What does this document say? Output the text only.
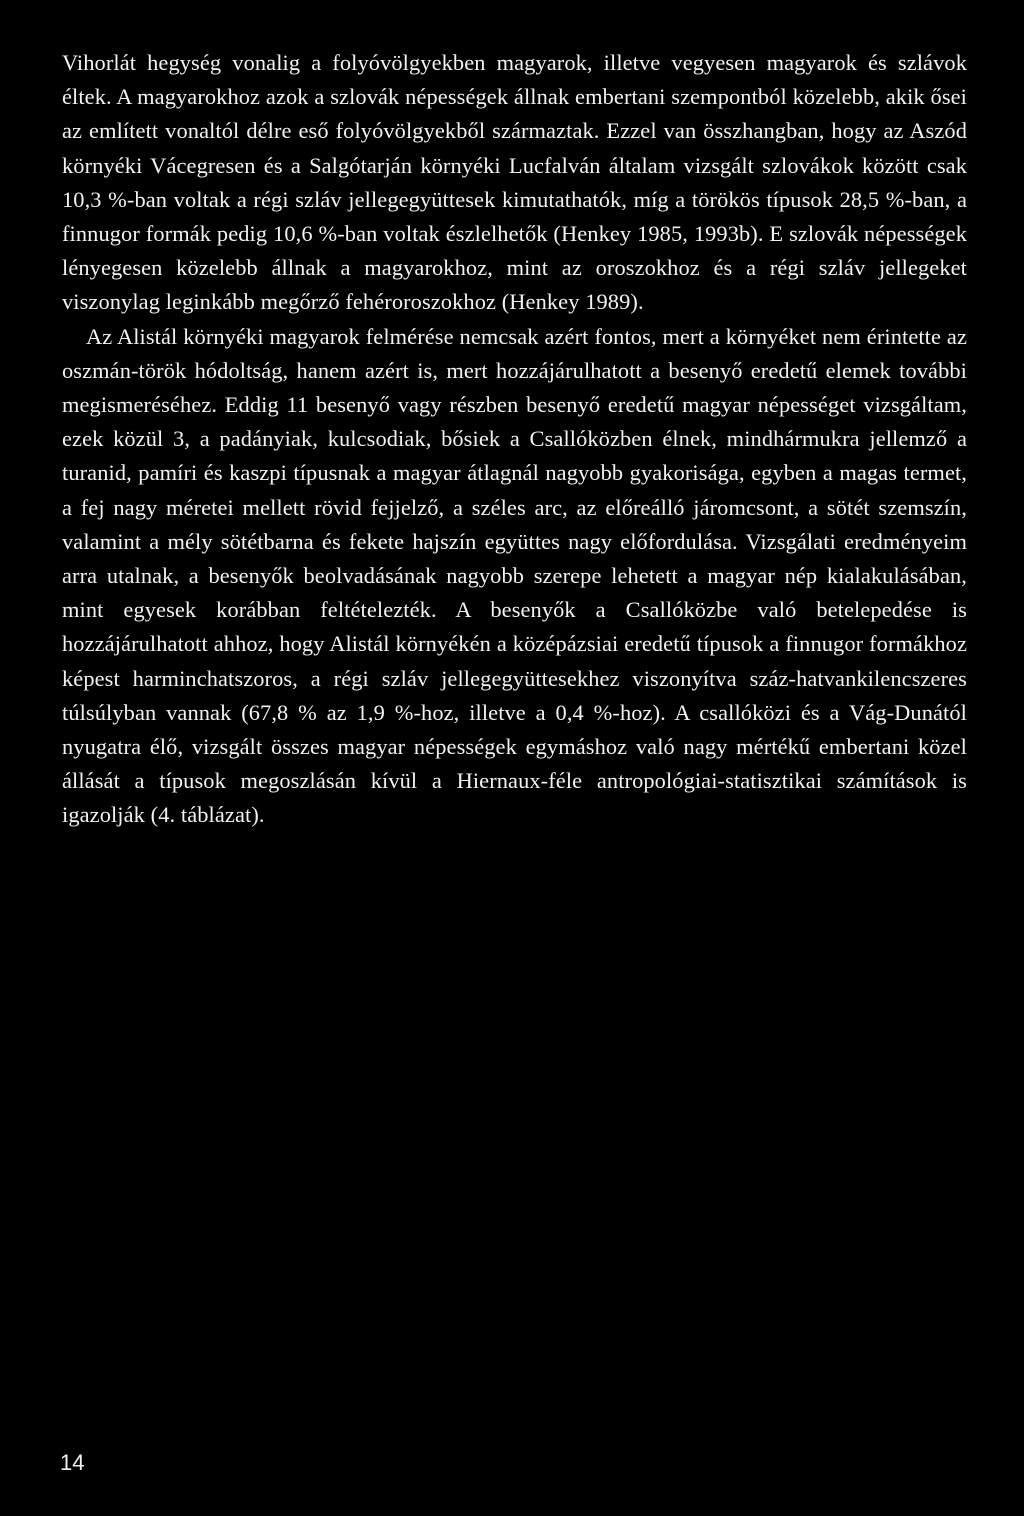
Vihorlát hegység vonalig a folyóvölgyekben magyarok, illetve vegyesen magyarok és szlávok éltek. A magyarokhoz azok a szlovák népességek állnak embertani szempontból közelebb, akik ősei az említett vonaltól délre eső folyóvölgyekből származtak. Ezzel van összhangban, hogy az Aszód környéki Vácegresen és a Salgótarján környéki Lucfalván általam vizsgált szlovákok között csak 10,3 %-ban voltak a régi szláv jellegegyüttesek kimutathatók, míg a törökös típusok 28,5 %-ban, a finnugor formák pedig 10,6 %-ban voltak észlelhetők (Henkey 1985, 1993b). E szlovák népességek lényegesen közelebb állnak a magyarokhoz, mint az oroszokhoz és a régi szláv jellegeket viszonylag leginkább megőrző fehéroroszokhoz (Henkey 1989).

Az Alistál környéki magyarok felmérése nemcsak azért fontos, mert a környéket nem érintette az oszmán-török hódoltság, hanem azért is, mert hozzájárulhatott a besenyő eredetű elemek további megismeréséhez. Eddig 11 besenyő vagy részben besenyő eredetű magyar népességet vizsgáltam, ezek közül 3, a padányiak, kulcsodiak, bősiek a Csallóközben élnek, mindhármukra jellemző a turanid, pamíri és kaszpi típusnak a magyar átlagnál nagyobb gyakorisága, egyben a magas termet, a fej nagy méretei mellett rövid fejjelző, a széles arc, az előreálló járomcsont, a sötét szemszín, valamint a mély sötétbarna és fekete hajszín együttes nagy előfordulása. Vizsgálati eredményeim arra utalnak, a besenyők beolvadásának nagyobb szerepe lehetett a magyar nép kialakulásában, mint egyesek korábban feltételezték. A besenyők a Csallóközbe való betelepedése is hozzájárulhatott ahhoz, hogy Alistál környékén a középázsiai eredetű típusok a finnugor formákhoz képest harminchatszoros, a régi szláv jellegegyüttesekhez viszonyítva száz-hatvankilencszeres túlsúlyban vannak (67,8 % az 1,9 %-hoz, illetve a 0,4 %-hoz). A csallóközi és a Vág-Dunától nyugatra élő, vizsgált összes magyar népességek egymáshoz való nagy mértékű embertani közel állását a típusok megoszlásán kívül a Hiernaux-féle antropológiai-statisztikai számítások is igazolják (4. táblázat).

14
